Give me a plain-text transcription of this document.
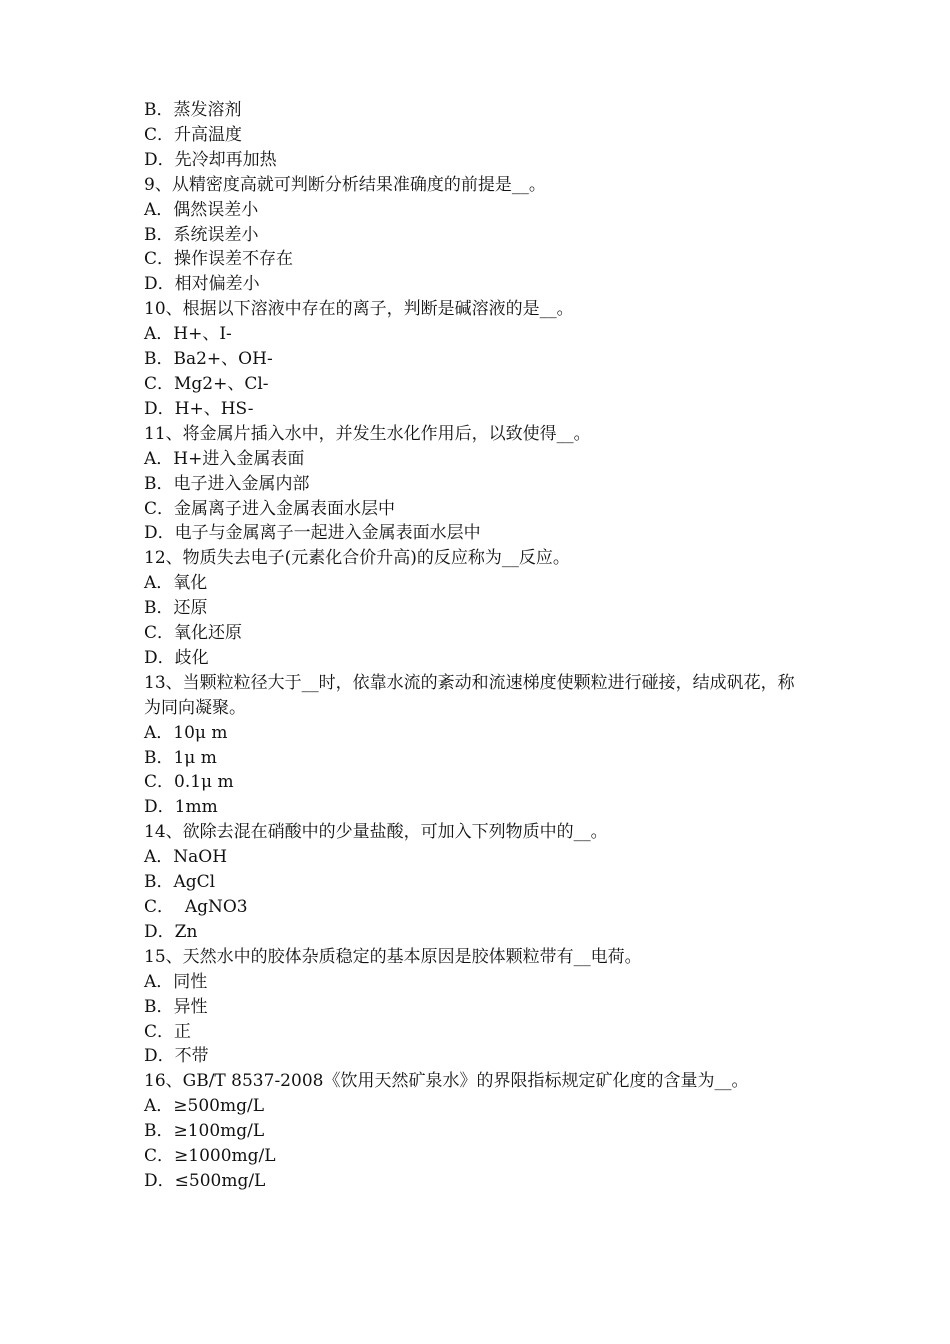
B．蒸发溶剂
C．升高温度
D．先冷却再加热
9、从精密度高就可判断分析结果准确度的前提是__。
A．偶然误差小
B．系统误差小
C．操作误差不存在
D．相对偏差小
10、根据以下溶液中存在的离子，判断是碱溶液的是__。
A．H+、I-
B．Ba2+、OH-
C．Mg2+、Cl-
D．H+、HS-
11、将金属片插入水中，并发生水化作用后，以致使得__。
A．H+进入金属表面
B．电子进入金属内部
C．金属离子进入金属表面水层中
D．电子与金属离子一起进入金属表面水层中
12、物质失去电子(元素化合价升高)的反应称为__反应。
A．氧化
B．还原
C．氧化还原
D．歧化
13、当颗粒粒径大于__时，依靠水流的紊动和流速梯度使颗粒进行碰接，结成矾花，称为同向凝聚。
A．10μ m
B．1μ m
C．0.1μ m
D．1mm
14、欲除去混在硝酸中的少量盐酸，可加入下列物质中的__。
A．NaOH
B．AgCl
C．  AgNO3
D．Zn
15、天然水中的胶体杂质稳定的基本原因是胶体颗粒带有__电荷。
A．同性
B．异性
C．正
D．不带
16、GB/T 8537-2008《饮用天然矿泉水》的界限指标规定矿化度的含量为__。
A．≥500mg/L
B．≥100mg/L
C．≥1000mg/L
D．≤500mg/L
